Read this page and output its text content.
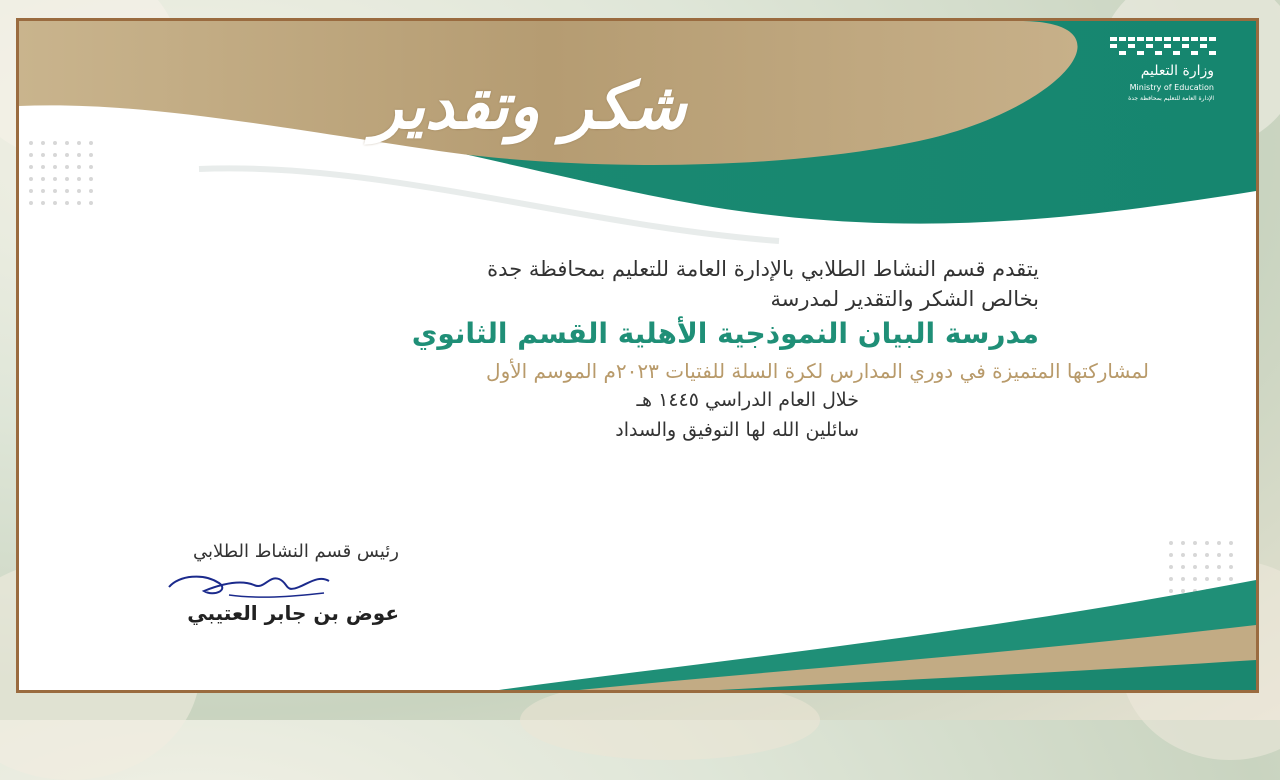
شكر وتقدير	وزارة التعليم
Ministry of Education
الإدارة العامة للتعليم بمحافظة جدة
يتقدم قسم النشاط الطلابي بالإدارة العامة للتعليم بمحافظة جدة
بخالص الشكر والتقدير لمدرسة
مدرسة البيان النموذجية الأهلية القسم الثانوي
لمشاركتها المتميزة في دوري المدارس لكرة السلة للفتيات ٢٠٢٣م الموسم الأول
خلال العام الدراسي ١٤٤٥ هـ
سائلين الله لها التوفيق والسداد
رئيس قسم النشاط الطلابي
عوض بن جابر العتيبي
